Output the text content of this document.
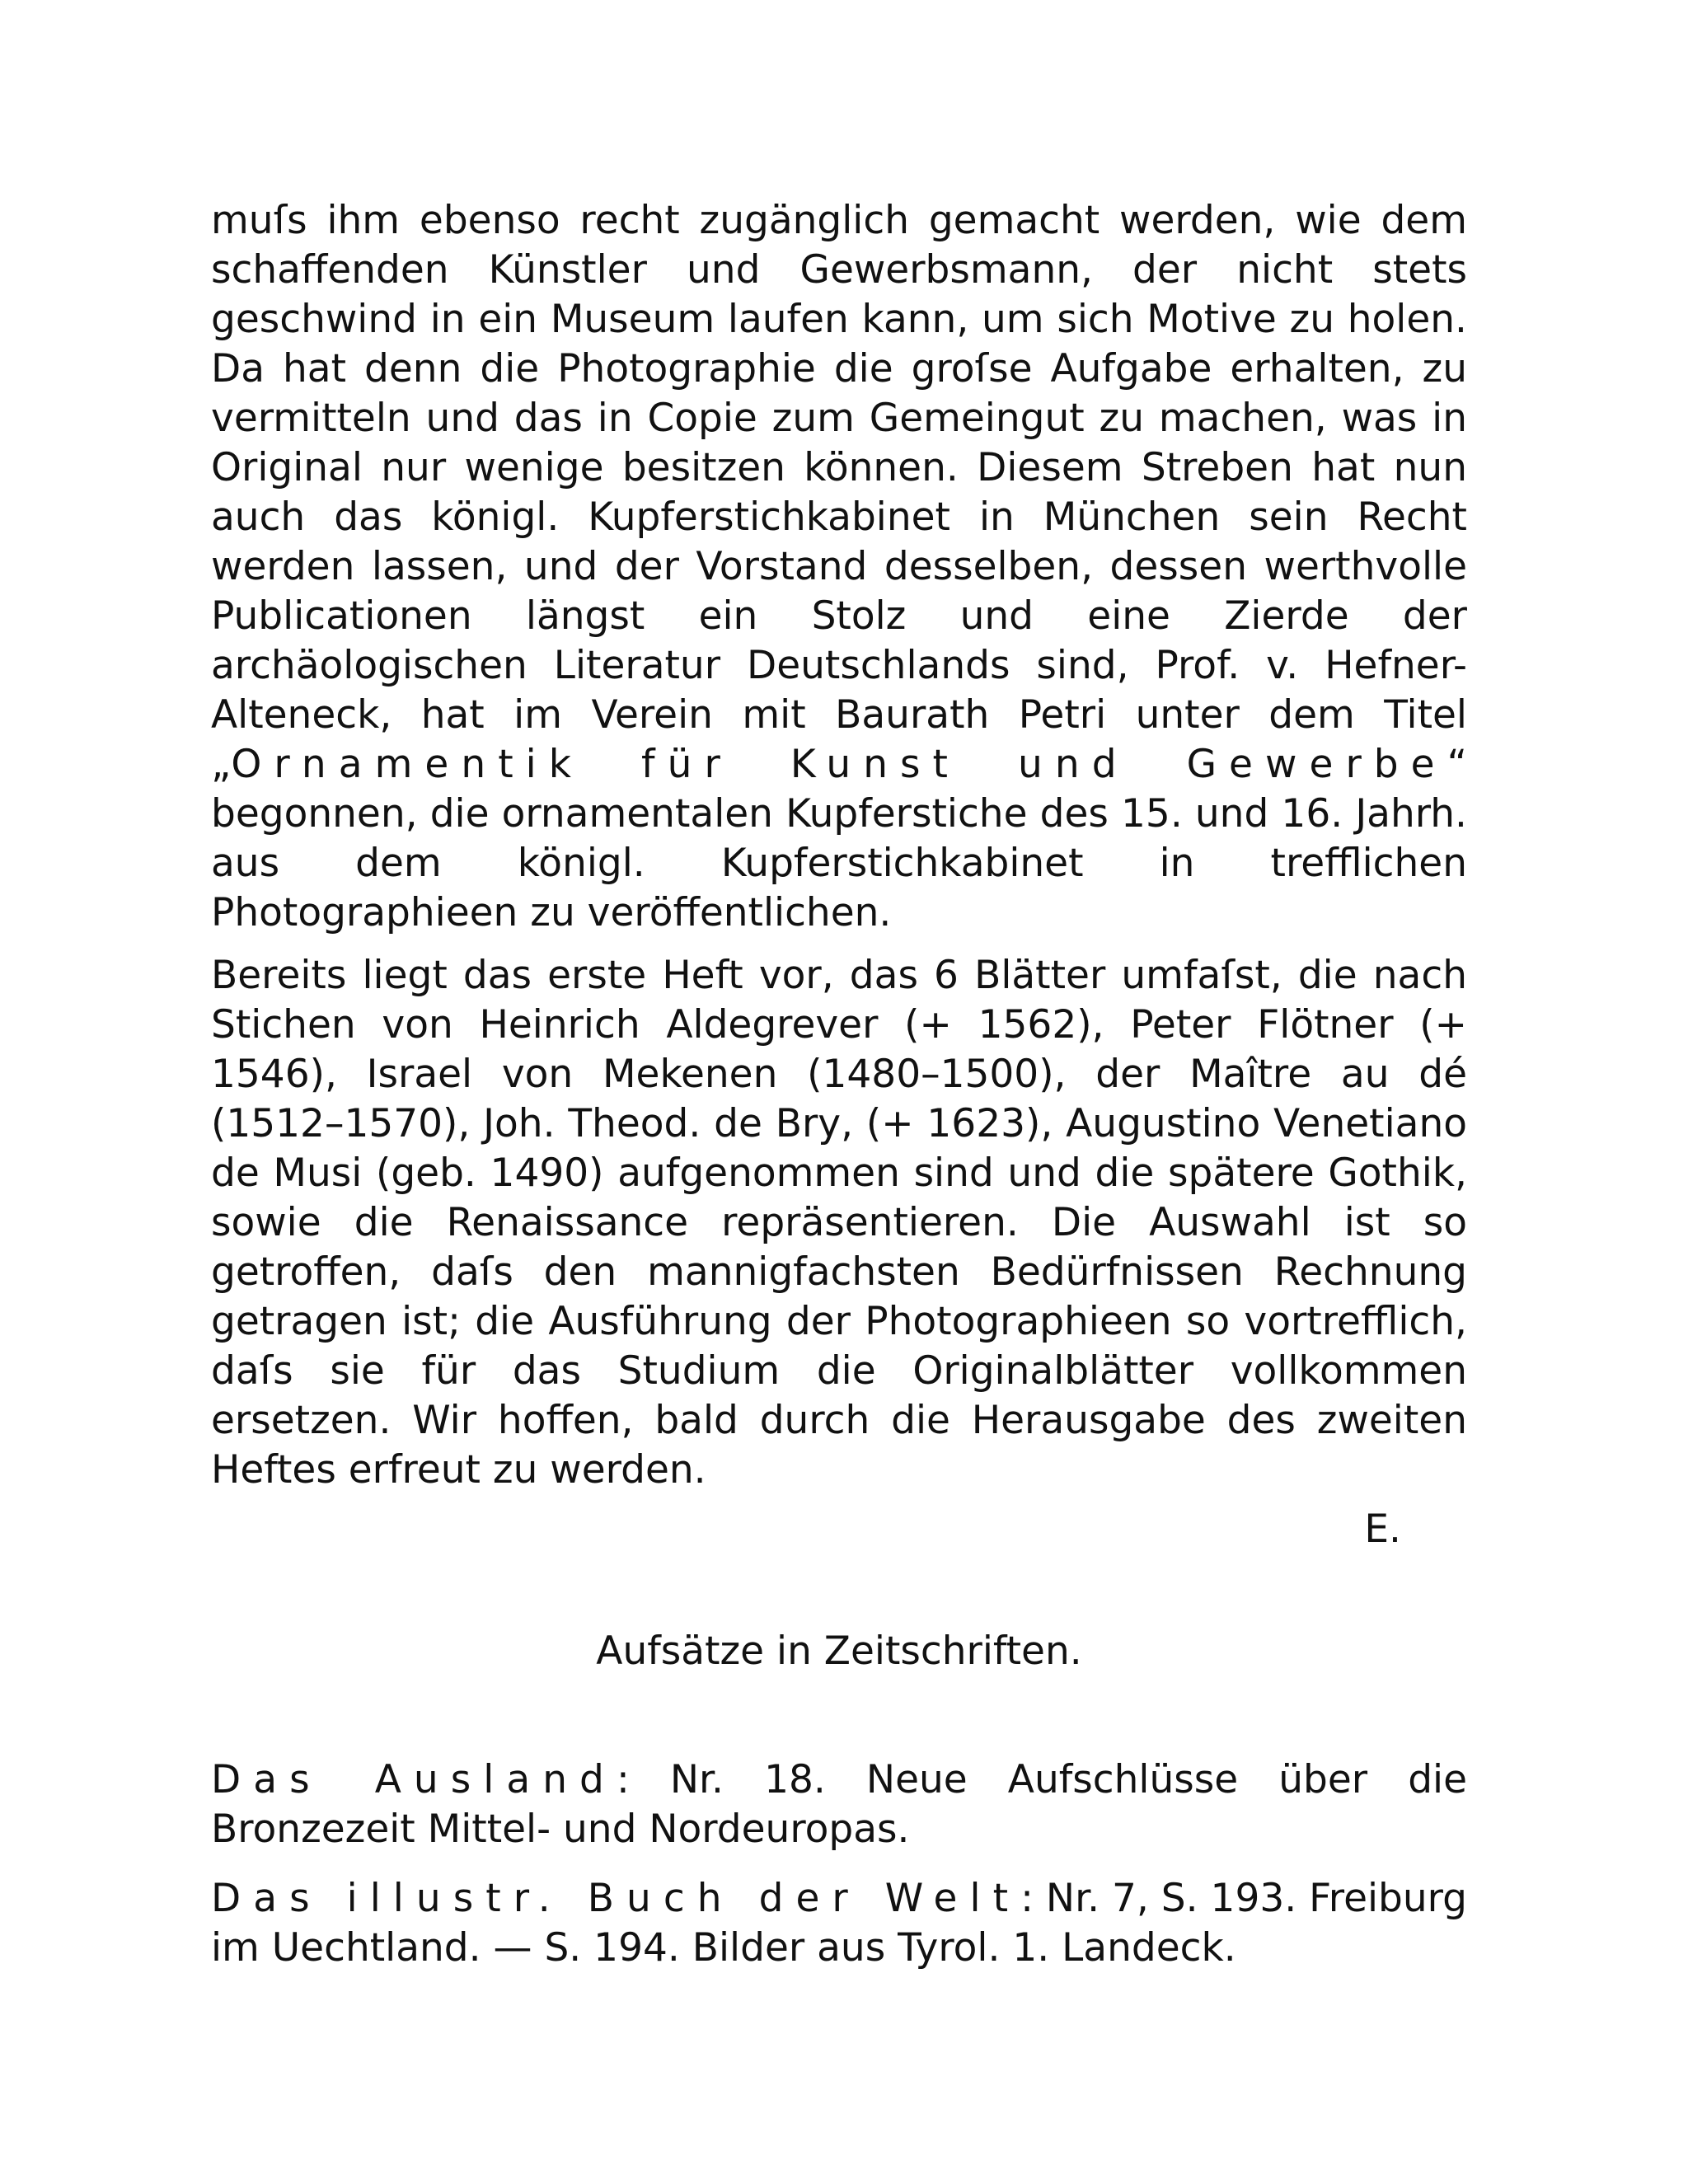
muſs ihm ebenso recht zugänglich gemacht werden, wie dem schaffenden Künstler und Gewerbsmann, der nicht stets geschwind in ein Museum laufen kann, um sich Motive zu holen. Da hat denn die Photographie die groſse Aufgabe erhalten, zu vermitteln und das in Copie zum Gemeingut zu machen, was in Original nur wenige besitzen können. Diesem Streben hat nun auch das königl. Kupferstichkabinet in München sein Recht werden lassen, und der Vorstand desselben, dessen werthvolle Publicationen längst ein Stolz und eine Zierde der archäologischen Literatur Deutschlands sind, Prof. v. Hefner-Alteneck, hat im Verein mit Baurath Petri unter dem Titel „Ornamentik für Kunst und Gewerbe“ begonnen, die ornamentalen Kupferstiche des 15. und 16. Jahrh. aus dem königl. Kupferstichkabinet in trefflichen Photographieen zu veröffentlichen.

Bereits liegt das erste Heft vor, das 6 Blätter umfaſst, die nach Stichen von Heinrich Aldegrever (+ 1562), Peter Flötner (+ 1546), Israel von Mekenen (1480–1500), der Maître au dé (1512–1570), Joh. Theod. de Bry, (+ 1623), Augustino Venetiano de Musi (geb. 1490) aufgenommen sind und die spätere Gothik, sowie die Renaissance repräsentieren. Die Auswahl ist so getroffen, daſs den mannigfachsten Bedürfnissen Rechnung getragen ist; die Ausführung der Photographieen so vortrefflich, daſs sie für das Studium die Originalblätter vollkommen ersetzen. Wir hoffen, bald durch die Herausgabe des zweiten Heftes erfreut zu werden.

E.
Aufsätze in Zeitschriften.

Das Ausland: Nr. 18. Neue Aufschlüsse über die Bronzezeit Mittel- und Nordeuropas.

Das illustr. Buch der Welt: Nr. 7, S. 193. Freiburg im Uechtland. — S. 194. Bilder aus Tyrol. 1. Landeck.
